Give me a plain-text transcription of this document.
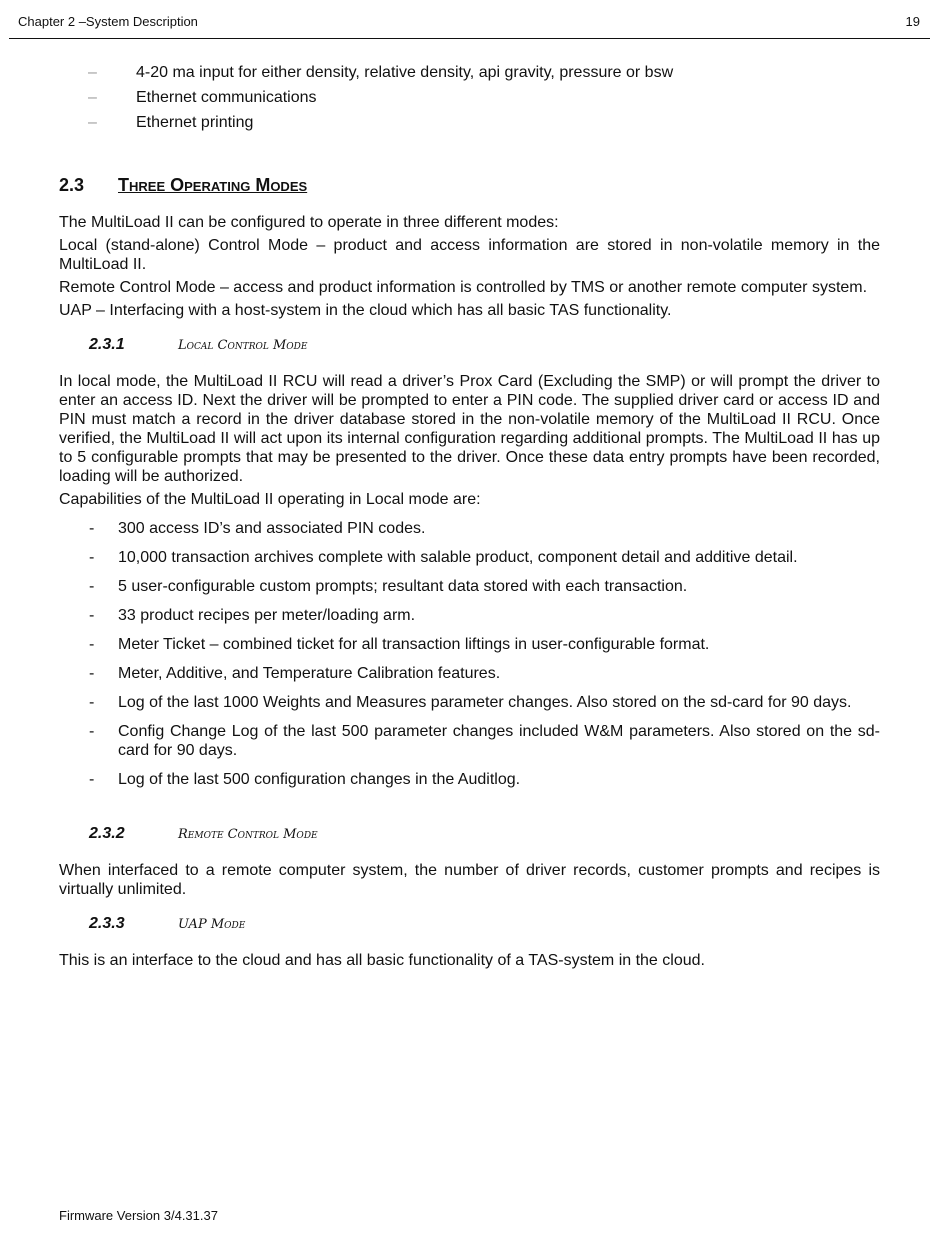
Chapter 2 –System Description	19
– 4-20 ma input for either density, relative density, api gravity, pressure or bsw
– Ethernet communications
– Ethernet printing
2.3 Three Operating Modes

The MultiLoad II can be configured to operate in three different modes:

Local (stand-alone) Control Mode – product and access information are stored in non-volatile memory in the MultiLoad II.

Remote Control Mode – access and product information is controlled by TMS or another remote computer system.

UAP – Interfacing with a host-system in the cloud which has all basic TAS functionality.

2.3.1	Local Control Mode

In local mode, the MultiLoad II RCU will read a driver’s Prox Card (Excluding the SMP) or will prompt the driver to enter an access ID. Next the driver will be prompted to enter a PIN code. The supplied driver card or access ID and PIN must match a record in the driver database stored in the non-volatile memory of the MultiLoad II RCU. Once verified, the MultiLoad II will act upon its internal configuration regarding additional prompts. The MultiLoad II has up to 5 configurable prompts that may be presented to the driver. Once these data entry prompts have been recorded, loading will be authorized.

Capabilities of the MultiLoad II operating in Local mode are:

- 300 access ID’s and associated PIN codes.
- 10,000 transaction archives complete with salable product, component detail and additive detail.
- 5 user-configurable custom prompts; resultant data stored with each transaction.
- 33 product recipes per meter/loading arm.
- Meter Ticket – combined ticket for all transaction liftings in user-configurable format.
- Meter, Additive, and Temperature Calibration features.
- Log of the last 1000 Weights and Measures parameter changes. Also stored on the sd-card for 90 days.
- Config Change Log of the last 500 parameter changes included W&M parameters. Also stored on the sd-card for 90 days.
- Log of the last 500 configuration changes in the Auditlog.
2.3.2	Remote Control Mode

When interfaced to a remote computer system, the number of driver records, customer prompts and recipes is virtually unlimited.

2.3.3	UAP Mode

This is an interface to the cloud and has all basic functionality of a TAS-system in the cloud.

Firmware Version 3/4.31.37
